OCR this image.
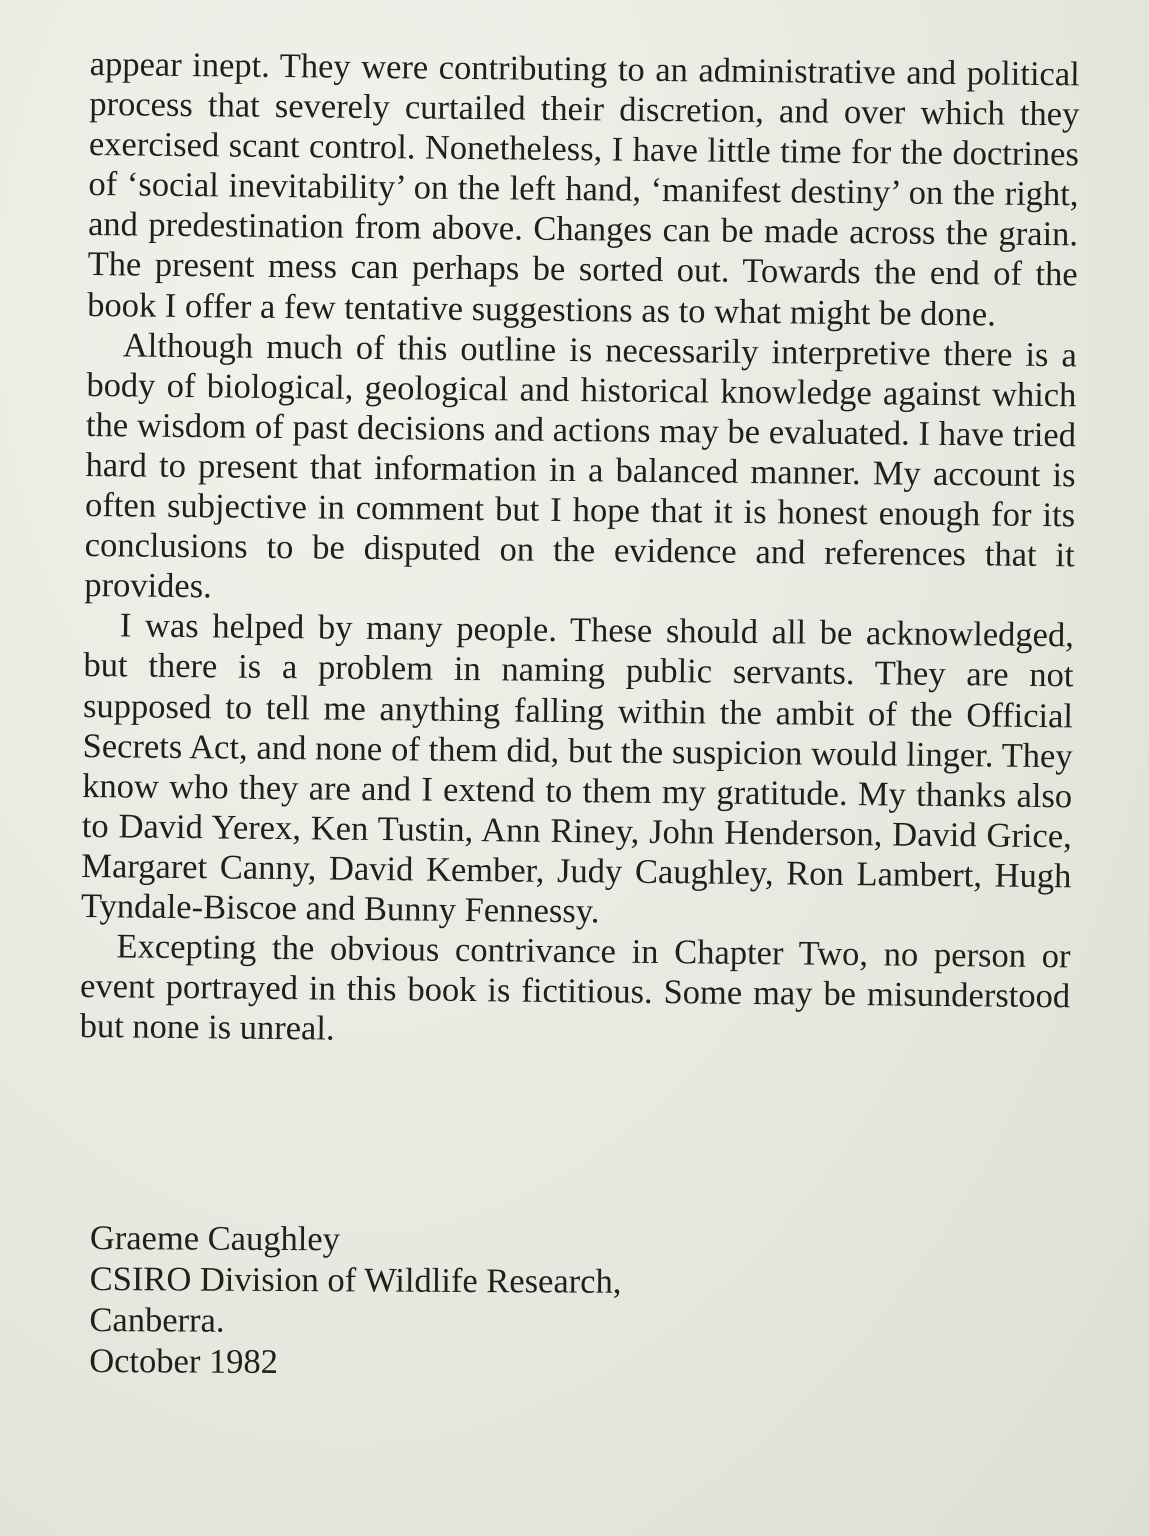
appear inept. They were contributing to an administrative and political process that severely curtailed their discretion, and over which they exercised scant control. Nonetheless, I have little time for the doctrines of ‘social inevitability’ on the left hand, ‘manifest destiny’ on the right, and predestination from above. Changes can be made across the grain. The present mess can perhaps be sorted out. Towards the end of the book I offer a few tentative suggestions as to what might be done.

Although much of this outline is necessarily interpretive there is a body of biological, geological and historical knowledge against which the wisdom of past decisions and actions may be evaluated. I have tried hard to present that information in a balanced manner. My account is often subjective in comment but I hope that it is honest enough for its conclusions to be disputed on the evidence and references that it provides.

I was helped by many people. These should all be acknowledged, but there is a problem in naming public servants. They are not supposed to tell me anything falling within the ambit of the Official Secrets Act, and none of them did, but the suspicion would linger. They know who they are and I extend to them my gratitude. My thanks also to David Yerex, Ken Tustin, Ann Riney, John Henderson, David Grice, Margaret Canny, David Kember, Judy Caughley, Ron Lambert, Hugh Tyndale-Biscoe and Bunny Fennessy.

Excepting the obvious contrivance in Chapter Two, no person or event portrayed in this book is fictitious. Some may be misunderstood but none is unreal.

Graeme Caughley
CSIRO Division of Wildlife Research,
Canberra.
October 1982
